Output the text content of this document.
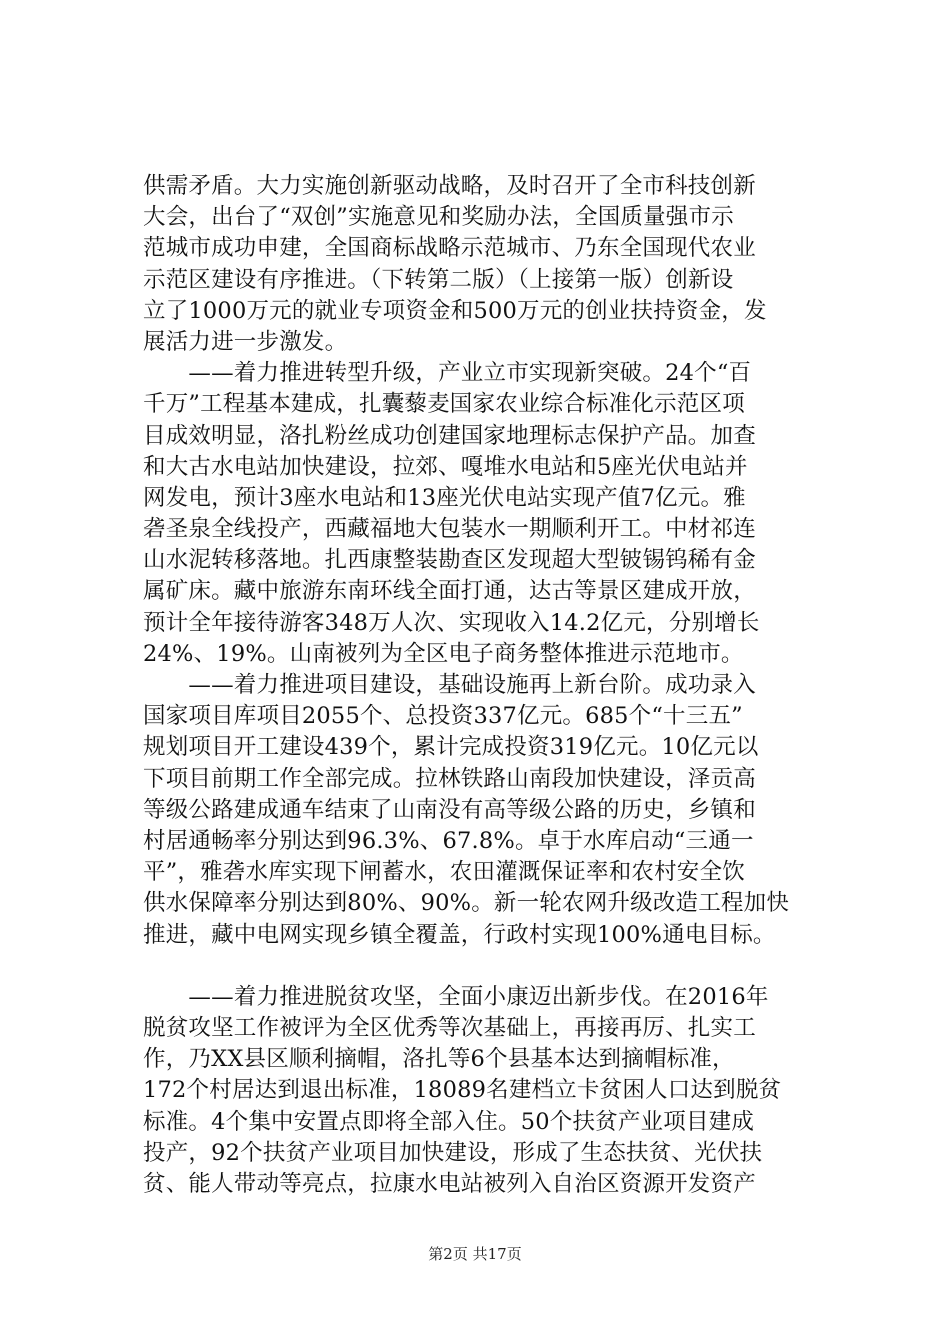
供需矛盾。大力实施创新驱动战略，及时召开了全市科技创新
大会，出台了“双创”实施意见和奖励办法，全国质量强市示
范城市成功申建，全国商标战略示范城市、乃东全国现代农业
示范区建设有序推进。（下转第二版）（上接第一版）创新设
立了1000万元的就业专项资金和500万元的创业扶持资金，发
展活力进一步激发。
　　——着力推进转型升级，产业立市实现新突破。24个“百
千万”工程基本建成，扎囊藜麦国家农业综合标准化示范区项
目成效明显，洛扎粉丝成功创建国家地理标志保护产品。加查
和大古水电站加快建设，拉郊、嘎堆水电站和5座光伏电站并
网发电，预计3座水电站和13座光伏电站实现产值7亿元。雅
砻圣泉全线投产，西藏福地大包装水一期顺利开工。中材祁连
山水泥转移落地。扎西康整装勘查区发现超大型铍锡钨稀有金
属矿床。藏中旅游东南环线全面打通，达古等景区建成开放，
预计全年接待游客348万人次、实现收入14.2亿元，分别增长
24%、19%。山南被列为全区电子商务整体推进示范地市。
　　——着力推进项目建设，基础设施再上新台阶。成功录入
国家项目库项目2055个、总投资337亿元。685个“十三五”
规划项目开工建设439个，累计完成投资319亿元。10亿元以
下项目前期工作全部完成。拉林铁路山南段加快建设，泽贡高
等级公路建成通车结束了山南没有高等级公路的历史，乡镇和
村居通畅率分别达到96.3%、67.8%。卓于水库启动“三通一
平”，雅砻水库实现下闸蓄水，农田灌溉保证率和农村安全饮
供水保障率分别达到80%、90%。新一轮农网升级改造工程加快
推进，藏中电网实现乡镇全覆盖，行政村实现100%通电目标。
　　——着力推进脱贫攻坚，全面小康迈出新步伐。在2016年
脱贫攻坚工作被评为全区优秀等次基础上，再接再厉、扎实工
作，乃XX县区顺利摘帽，洛扎等6个县基本达到摘帽标准，
172个村居达到退出标准，18089名建档立卡贫困人口达到脱贫
标准。4个集中安置点即将全部入住。50个扶贫产业项目建成
投产，92个扶贫产业项目加快建设，形成了生态扶贫、光伏扶
贫、能人带动等亮点，拉康水电站被列入自治区资源开发资产
第2页 共17页
